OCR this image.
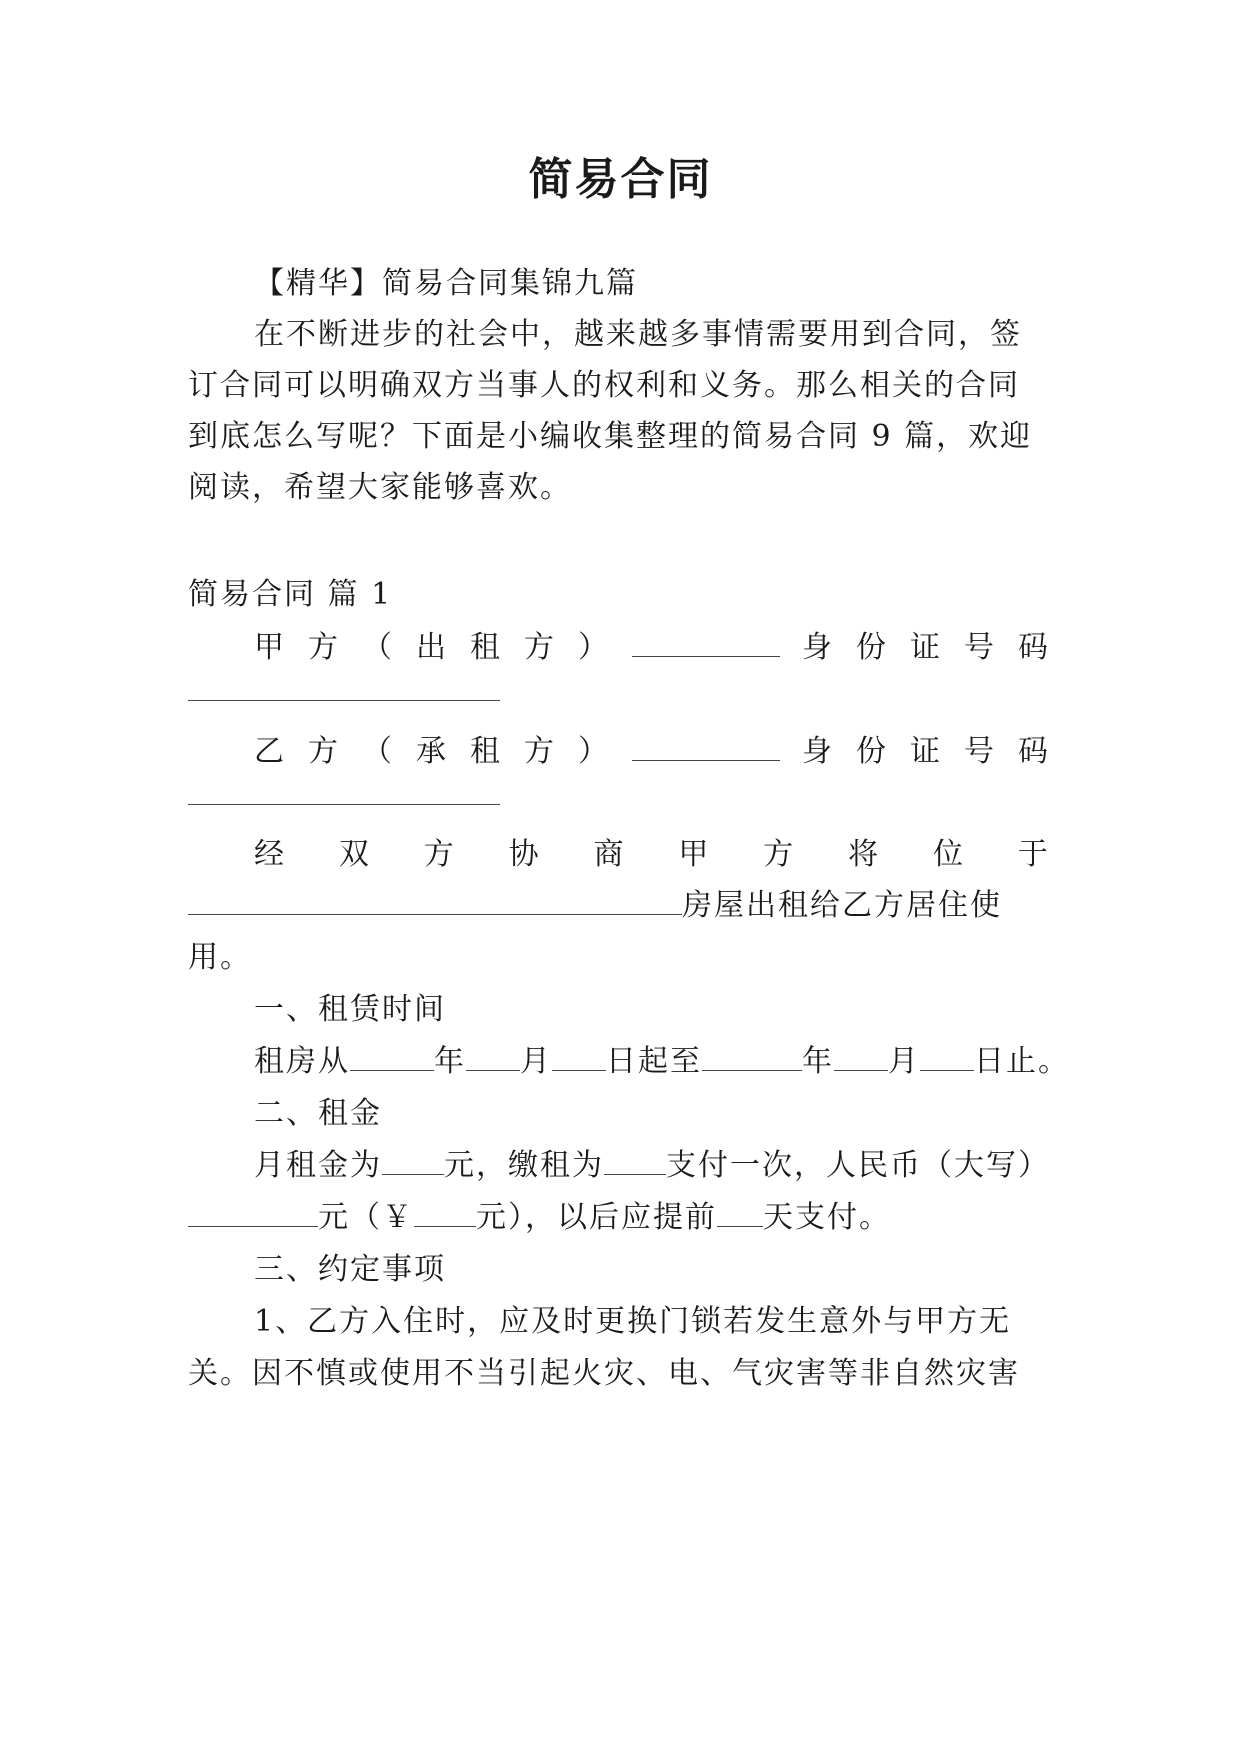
简易合同
【精华】简易合同集锦九篇
在不断进步的社会中，越来越多事情需要用到合同，签
订合同可以明确双方当事人的权利和义务。那么相关的合同
到底怎么写呢？下面是小编收集整理的简易合同 9 篇，欢迎
阅读，希望大家能够喜欢。
简易合同 篇 1
甲 方 （ 出 租 方 ）	身 份 证 号 码
乙 方 （ 承 租 方 ）	身 份 证 号 码
经 双 方 协 商 甲 方 将 位 于
房屋出租给乙方居住使
用。
一、租赁时间
租房从	年 月 日起至	年 月 日止。
二、租金
月租金为 元，缴租为 支付一次，人民币（大写）
元（￥ 元），以后应提前 天支付。
三、约定事项
1、乙方入住时，应及时更换门锁若发生意外与甲方无
关。因不慎或使用不当引起火灾、电、气灾害等非自然灾害
